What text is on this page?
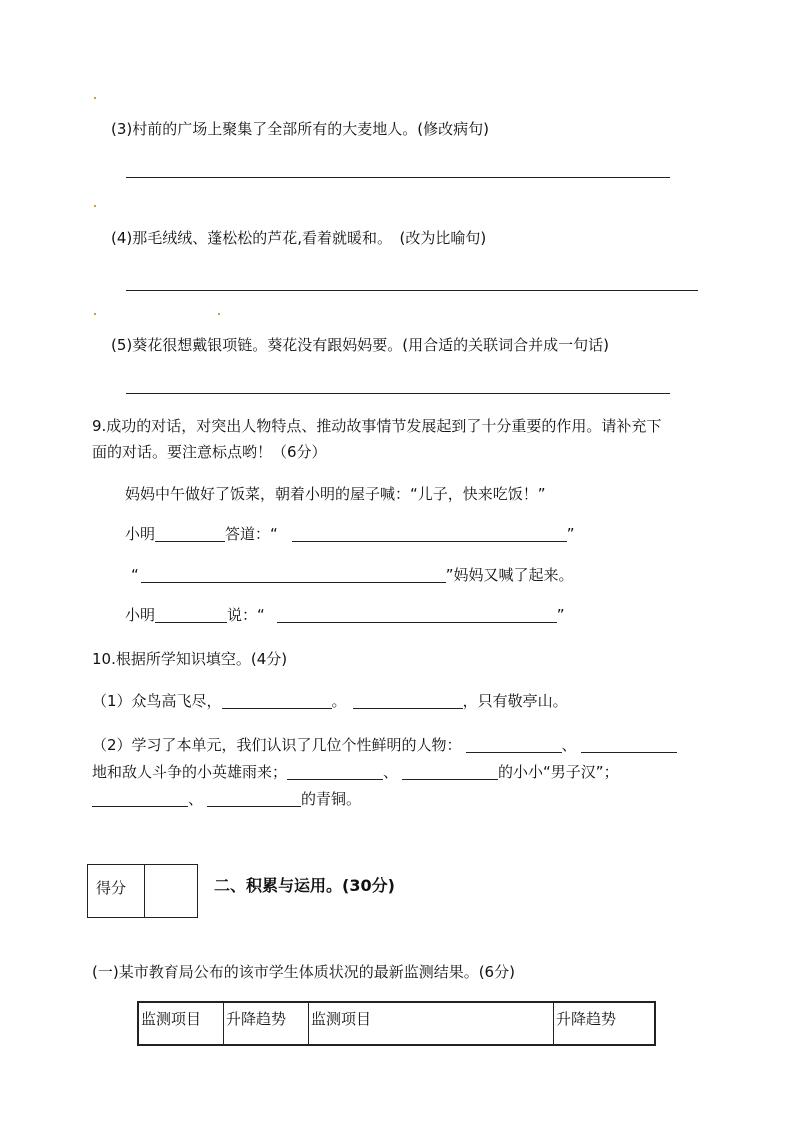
(3)村前的广场上聚集了全部所有的大麦地人。(修改病句)
(4)那毛绒绒、蓬松松的芦花,看着就暖和。　(改为比喻句)
(5)葵花很想戴银项链。葵花没有跟妈妈要。(用合适的关联词合并成一句话)
9.成功的对话，对突出人物特点、推动故事情节发展起到了十分重要的作用。请补充下
面的对话。要注意标点哟！（6分）
妈妈中午做好了饭菜，朝着小明的屋子喊：“儿子，快来吃饭！”
小明	答道：“	”
“	”妈妈又喊了起来。
小明	说：“	”
10.根据所学知识填空。(4分)
（1）众鸟高飞尽，	。	，只有敬亭山。
（2）学习了本单元，我们认识了几位个性鲜明的人物：	、
地和敌人斗争的小英雄雨来；	、	的小小“男子汉”；
、	的青铜。
得分	二、积累与运用。(30分)
(一)某市教育局公布的该市学生体质状况的最新监测结果。(6分)
监测项目	升降趋势	监测项目	升降趋势
